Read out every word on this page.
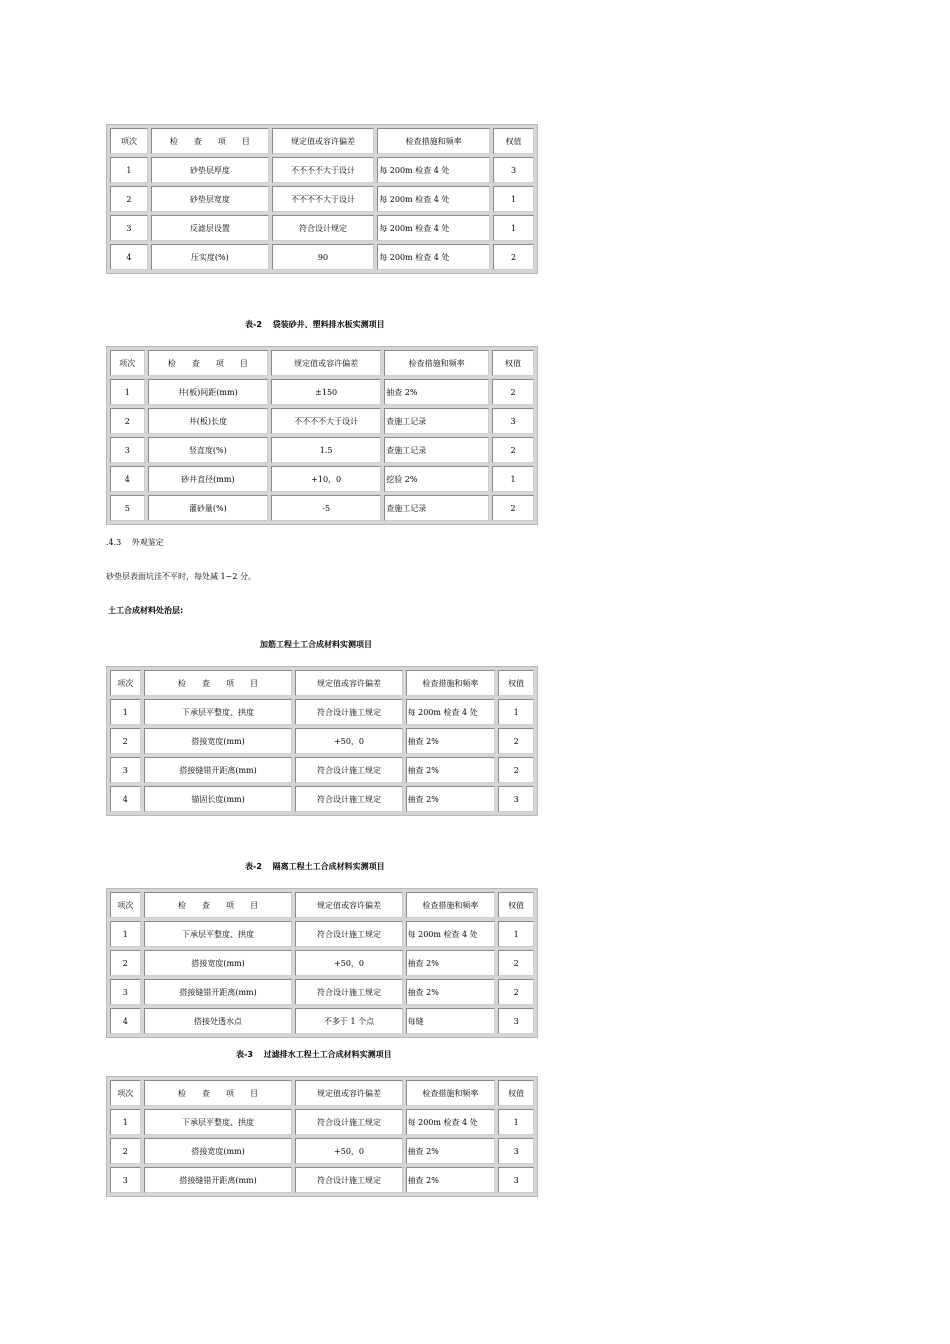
项次	检　　查　　项　　目	规定值或容许偏差	检查措施和频率	权值
1	砂垫层厚度	不不不不大于设计	每 200m 检查 4 处	3
2	砂垫层宽度	不不不不大于设计	每 200m 检查 4 处	1
3	反滤层设置	符合设计规定	每 200m 检查 4 处	1
4	压实度(%)	90	每 200m 检查 4 处	2
表-2　 袋装砂井、塑料排水板实测项目
项次	检　　查　　项　　目	规定值或容许偏差	检查措施和频率	权值
1	井(板)间距(mm)	±150	抽查 2%	2
2	井(板)长度	不不不不大于设计	查施工记录	3
3	竖直度(%)	1.5	查施工记录	2
4	砂井直径(mm)	+10，0	挖验 2%	1
5	灌砂量(%)	-5	查施工记录	2
.4.3　 外观鉴定
砂垫层表面坑洼不平时，每处减 1~2 分。
土工合成材料处治层:
加筋工程土工合成材料实测项目
项次	检　　查　　项　　目	规定值或容许偏差	检查措施和频率	权值
1	下承层平整度、拱度	符合设计施工规定	每 200m 检查 4 处	1
2	搭接宽度(mm)	+50，0	抽查 2%	2
3	搭接缝错开距离(mm)	符合设计施工规定	抽查 2%	2
4	锚固长度(mm)	符合设计施工规定	抽查 2%	3
表-2　 隔离工程土工合成材料实测项目
项次	检　　查　　项　　目	规定值或容许偏差	检查措施和频率	权值
1	下承层平整度、拱度	符合设计施工规定	每 200m 检查 4 处	1
2	搭接宽度(mm)	+50，0	抽查 2%	2
3	搭接缝错开距离(mm)	符合设计施工规定	抽查 2%	2
4	搭接处透水点	不多于 1 个点	每缝	3
表-3　 过滤排水工程土工合成材料实测项目
项次	检　　查　　项　　目	规定值或容许偏差	检查措施和频率	权值
1	下承层平整度、拱度	符合设计施工规定	每 200m 检查 4 处	1
2	搭接宽度(mm)	+50，0	抽查 2%	3
3	搭接缝错开距离(mm)	符合设计施工规定	抽查 2%	3
